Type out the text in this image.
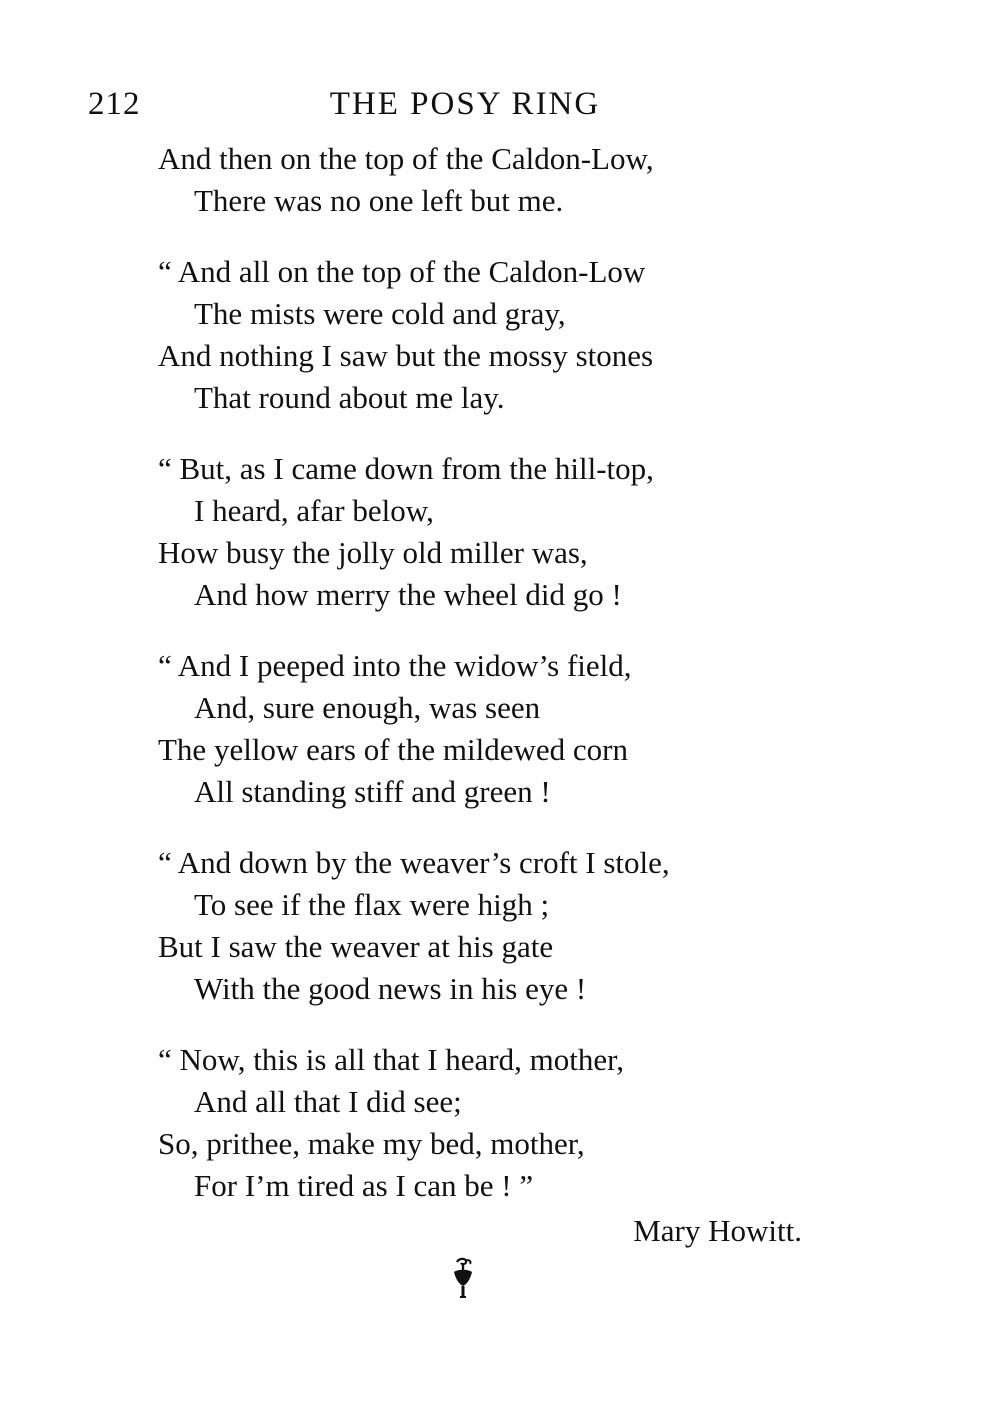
212	THE POSY RING
And then on the top of the Caldon-Low,
There was no one left but me.
“ And all on the top of the Caldon-Low
The mists were cold and gray,
And nothing I saw but the mossy stones
That round about me lay.
“ But, as I came down from the hill-top,
I heard, afar below,
How busy the jolly old miller was,
And how merry the wheel did go !
“ And I peeped into the widow’s field,
And, sure enough, was seen
The yellow ears of the mildewed corn
All standing stiff and green !
“ And down by the weaver’s croft I stole,
To see if the flax were high ;
But I saw the weaver at his gate
With the good news in his eye !
“ Now, this is all that I heard, mother,
And all that I did see;
So, prithee, make my bed, mother,
For I’m tired as I can be ! ”
Mary Howitt.
